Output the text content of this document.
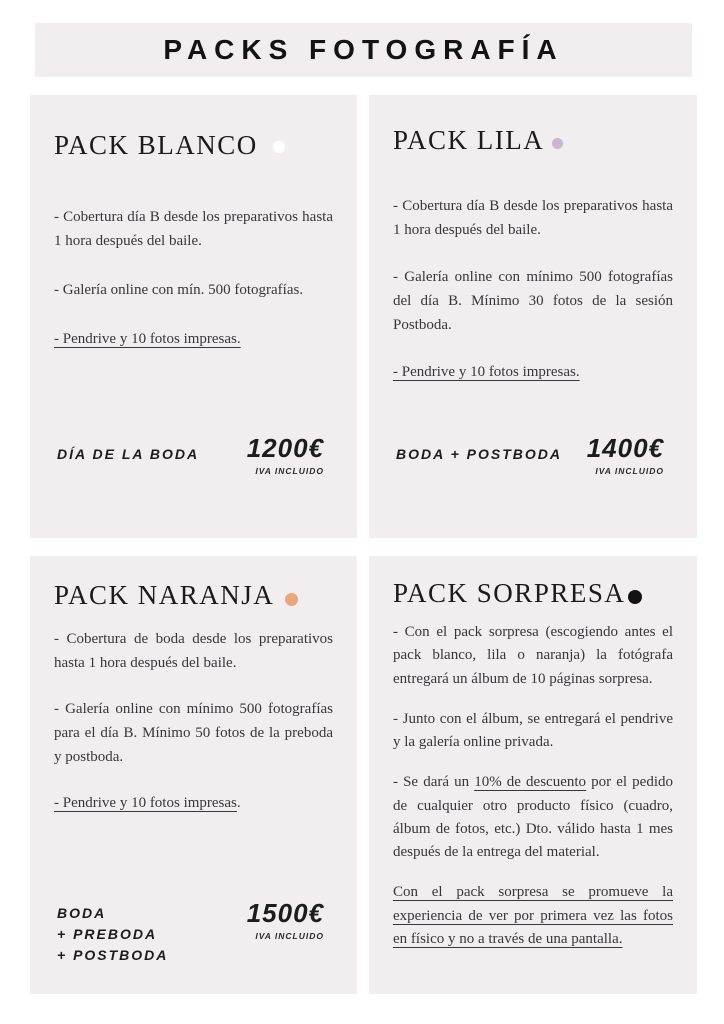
PACKS FOTOGRAFÍA
PACK BLANCO

- Cobertura día B desde los preparativos hasta 1 hora después del baile.

- Galería online con mín. 500 fotografías.

- Pendrive y 10 fotos impresas.

DÍA DE LA BODA 1200€
IVA INCLUIDO
PACK LILA

- Cobertura día B desde los preparativos hasta 1 hora después del baile.

- Galería online con mínimo 500 fotografías del día B. Mínimo 30 fotos de la sesión Postboda.

- Pendrive y 10 fotos impresas.

BODA + POSTBODA 1400€
IVA INCLUIDO
PACK NARANJA

- Cobertura de boda desde los preparativos hasta 1 hora después del baile.

- Galería online con mínimo 500 fotografías para el día B. Mínimo 50 fotos de la preboda y postboda.

- Pendrive y 10 fotos impresas.

BODA
+ PREBODA
+ POSTBODA
1500€
IVA INCLUIDO
PACK SORPRESA

- Con el pack sorpresa (escogiendo antes el pack blanco, lila o naranja) la fotógrafa entregará un álbum de 10 páginas sorpresa.

- Junto con el álbum, se entregará el pendrive y la galería online privada.

- Se dará un 10% de descuento por el pedido de cualquier otro producto físico (cuadro, álbum de fotos, etc.) Dto. válido hasta 1 mes después de la entrega del material.

Con el pack sorpresa se promueve la experiencia de ver por primera vez las fotos en físico y no a través de una pantalla.
